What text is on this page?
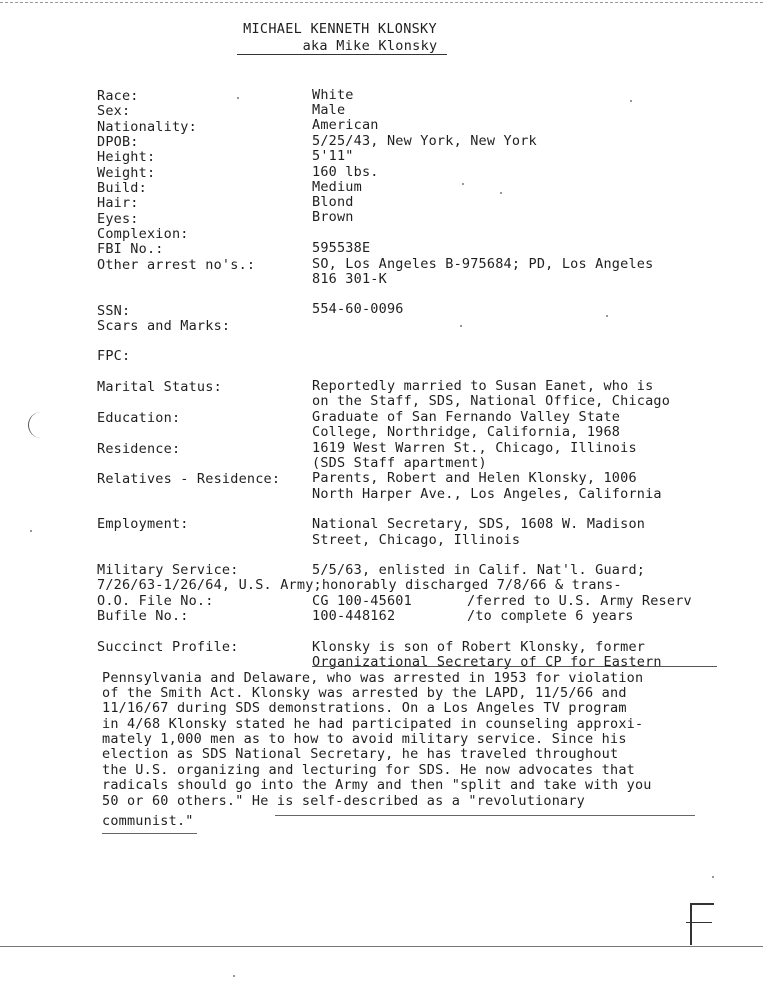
MICHAEL KENNETH KLONSKY
aka Mike Klonsky
Race:	White
Sex:	Male
Nationality:	American
DPOB:	5/25/43, New York, New York
Height:	5'11"
Weight:	160 lbs.
Build:	Medium
Hair:	Blond
Eyes:	Brown
Complexion:
FBI No.:	595538E
Other arrest no's.:	SO, Los Angeles B-975684; PD, Los Angeles
816 301-K
SSN:	554-60-0096
Scars and Marks:
FPC:
Marital Status:	Reportedly married to Susan Eanet, who is
on the Staff, SDS, National Office, Chicago
Education:	Graduate of San Fernando Valley State
College, Northridge, California, 1968
Residence:	1619 West Warren St., Chicago, Illinois
(SDS Staff apartment)
Relatives - Residence: Parents, Robert and Helen Klonsky, 1006
North Harper Ave., Los Angeles, California
Employment:	National Secretary, SDS, 1608 W. Madison
Street, Chicago, Illinois
Military Service:	5/5/63, enlisted in Calif. Nat'l. Guard;
7/26/63-1/26/64, U.S. Army;honorably discharged 7/8/66 & trans-
O.O. File No.:	CG 100-45601	/ferred to U.S. Army Reserv
Bufile No.:	100-448162	/to complete 6 years
Succinct Profile:	Klonsky is son of Robert Klonsky, former
Organizational Secretary of CP for Eastern
Pennsylvania and Delaware, who was arrested in 1953 for violation
of the Smith Act. Klonsky was arrested by the LAPD, 11/5/66 and
11/16/67 during SDS demonstrations. On a Los Angeles TV program
in 4/68 Klonsky stated he had participated in counseling approxi-
mately 1,000 men as to how to avoid military service. Since his
election as SDS National Secretary, he has traveled throughout
the U.S. organizing and lecturing for SDS. He now advocates that
radicals should go into the Army and then "split and take with you
50 or 60 others." He is self-described as a "revolutionary
communist."
